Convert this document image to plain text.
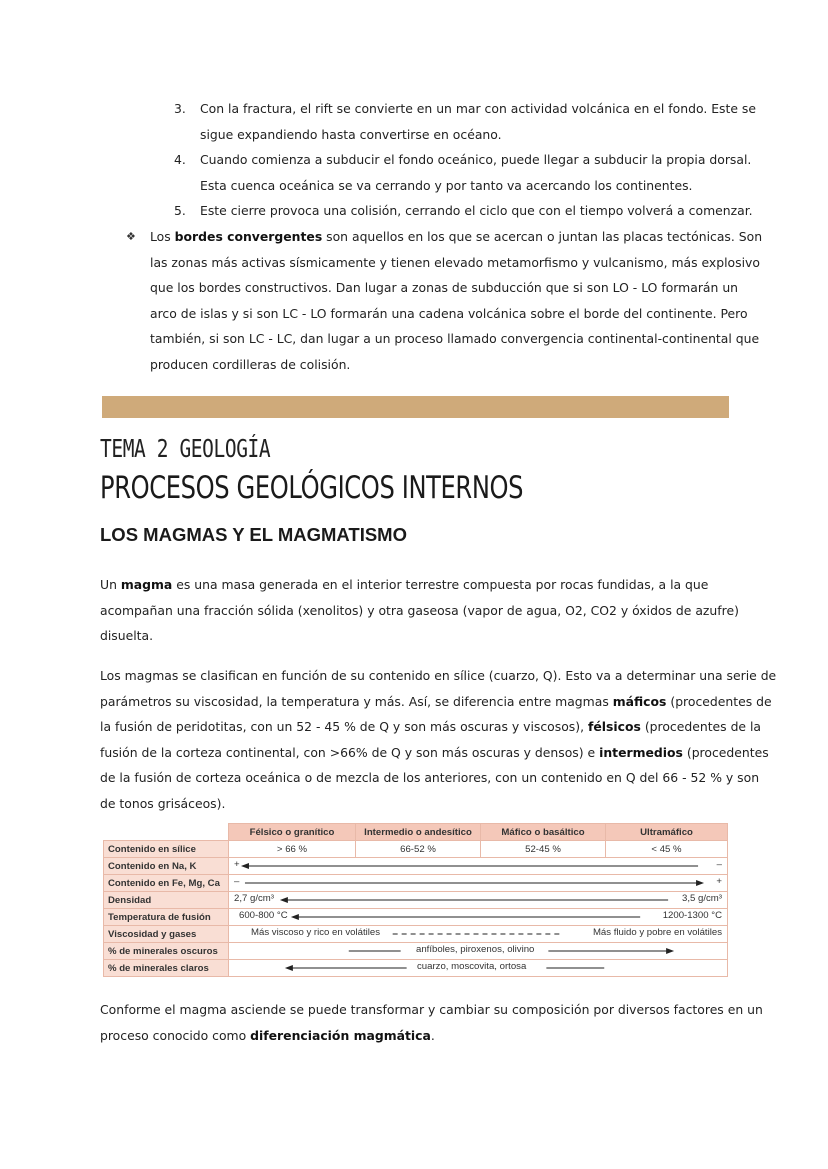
3. Con la fractura, el rift se convierte en un mar con actividad volcánica en el fondo. Este se
sigue expandiendo hasta convertirse en océano.
4. Cuando comienza a subducir el fondo oceánico, puede llegar a subducir la propia dorsal.
Esta cuenca oceánica se va cerrando y por tanto va acercando los continentes.
5. Este cierre provoca una colisión, cerrando el ciclo que con el tiempo volverá a comenzar.
❖ Los bordes convergentes son aquellos en los que se acercan o juntan las placas tectónicas. Son
las zonas más activas sísmicamente y tienen elevado metamorfismo y vulcanismo, más explosivo
que los bordes constructivos. Dan lugar a zonas de subducción que si son LO - LO formarán un
arco de islas y si son LC - LO formarán una cadena volcánica sobre el borde del continente. Pero
también, si son LC - LC, dan lugar a un proceso llamado convergencia continental-continental que
producen cordilleras de colisión.
TEMA 2 GEOLOGÍA
PROCESOS GEOLÓGICOS INTERNOS
LOS MAGMAS Y EL MAGMATISMO
Un magma es una masa generada en el interior terrestre compuesta por rocas fundidas, a la que
acompañan una fracción sólida (xenolitos) y otra gaseosa (vapor de agua, O2, CO2 y óxidos de azufre)
disuelta.
Los magmas se clasifican en función de su contenido en sílice (cuarzo, Q). Esto va a determinar una serie de
parámetros su viscosidad, la temperatura y más. Así, se diferencia entre magmas máficos (procedentes de
la fusión de peridotitas, con un 52 - 45 % de Q y son más oscuras y viscosos), félsicos (procedentes de la
fusión de la corteza continental, con >66% de Q y son más oscuras y densos) e intermedios (procedentes
de la fusión de corteza oceánica o de mezcla de los anteriores, con un contenido en Q del 66 - 52 % y son
de tonos grisáceos).
	Félsico o granítico	Intermedio o andesítico	Máfico o basáltico	Ultramáfico
Contenido en sílice	> 66 %	66-52 %	52-45 %	< 45 %
Contenido en Na, K	+ –			

Contenido en Fe, Mg, Ca	– +			

Densidad	2,7 g/cm³ 3,5 g/cm³			

Temperatura de fusión	600-800 °C 1200-1300 °C			

Viscosidad y gases	Más viscoso y rico en volátiles Más fluido y pobre en volátiles			

% de minerales oscuros	anfíboles, piroxenos, olivino			

% de minerales claros	cuarzo, moscovita, ortosa			
Conforme el magma asciende se puede transformar y cambiar su composición por diversos factores en un
proceso conocido como diferenciación magmática.
